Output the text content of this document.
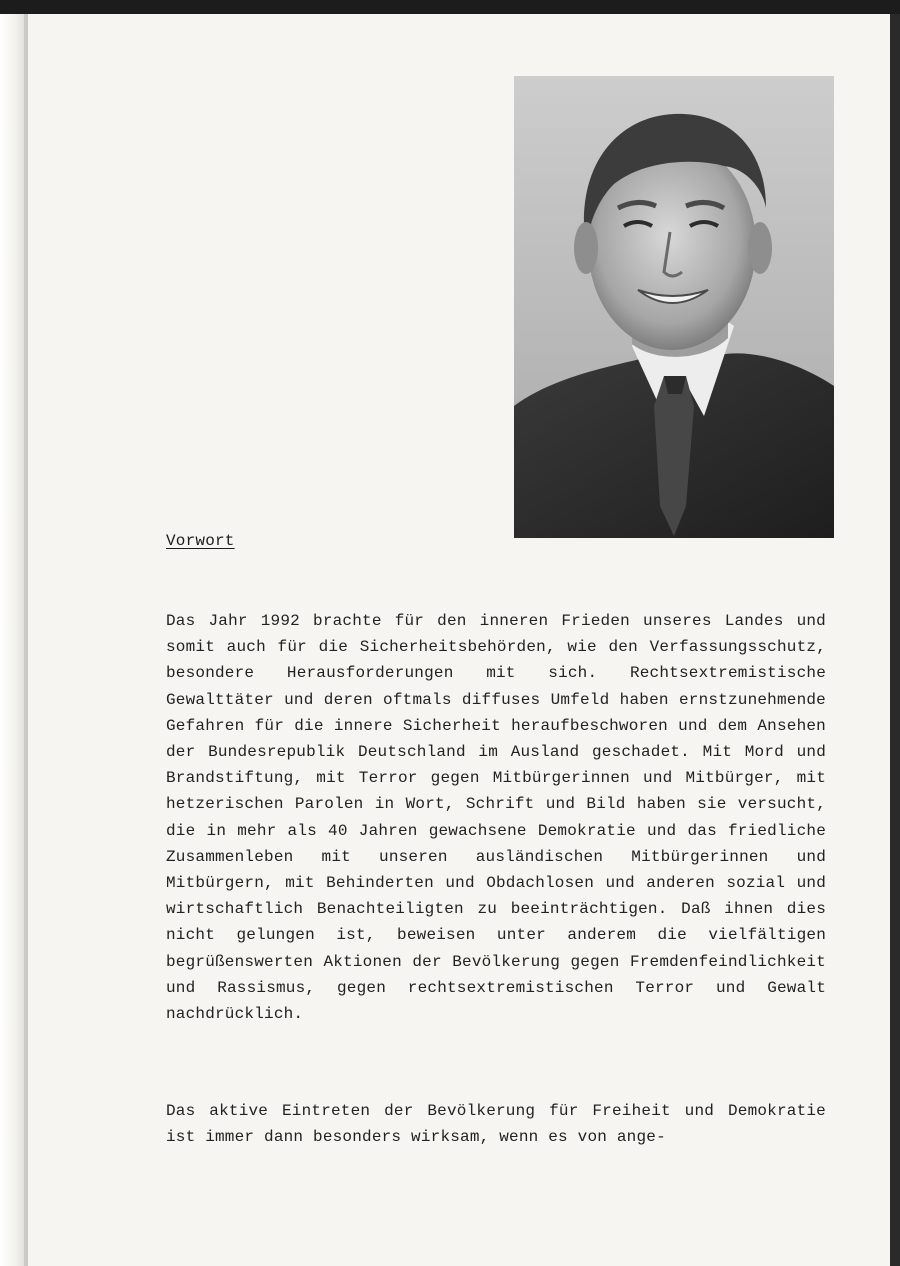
Vorwort

Das Jahr 1992 brachte für den inneren Frieden unseres Landes und somit auch für die Sicherheitsbehörden, wie den Verfassungsschutz, besondere Herausforderungen mit sich. Rechtsextremistische Gewalttäter und deren oftmals diffuses Umfeld haben ernstzunehmende Gefahren für die innere Sicherheit heraufbeschworen und dem Ansehen der Bundesrepublik Deutschland im Ausland geschadet. Mit Mord und Brandstiftung, mit Terror gegen Mitbürgerinnen und Mitbürger, mit hetzerischen Parolen in Wort, Schrift und Bild haben sie versucht, die in mehr als 40 Jahren gewachsene Demokratie und das friedliche Zusammenleben mit unseren ausländischen Mitbürgerinnen und Mitbürgern, mit Behinderten und Obdachlosen und anderen sozial und wirtschaftlich Benachteiligten zu beeinträchtigen. Daß ihnen dies nicht gelungen ist, beweisen unter anderem die vielfältigen begrüßenswerten Aktionen der Bevölkerung gegen Fremdenfeindlichkeit und Rassismus, gegen rechtsextremistischen Terror und Gewalt nachdrücklich.

Das aktive Eintreten der Bevölkerung für Freiheit und Demokratie ist immer dann besonders wirksam, wenn es von ange-
